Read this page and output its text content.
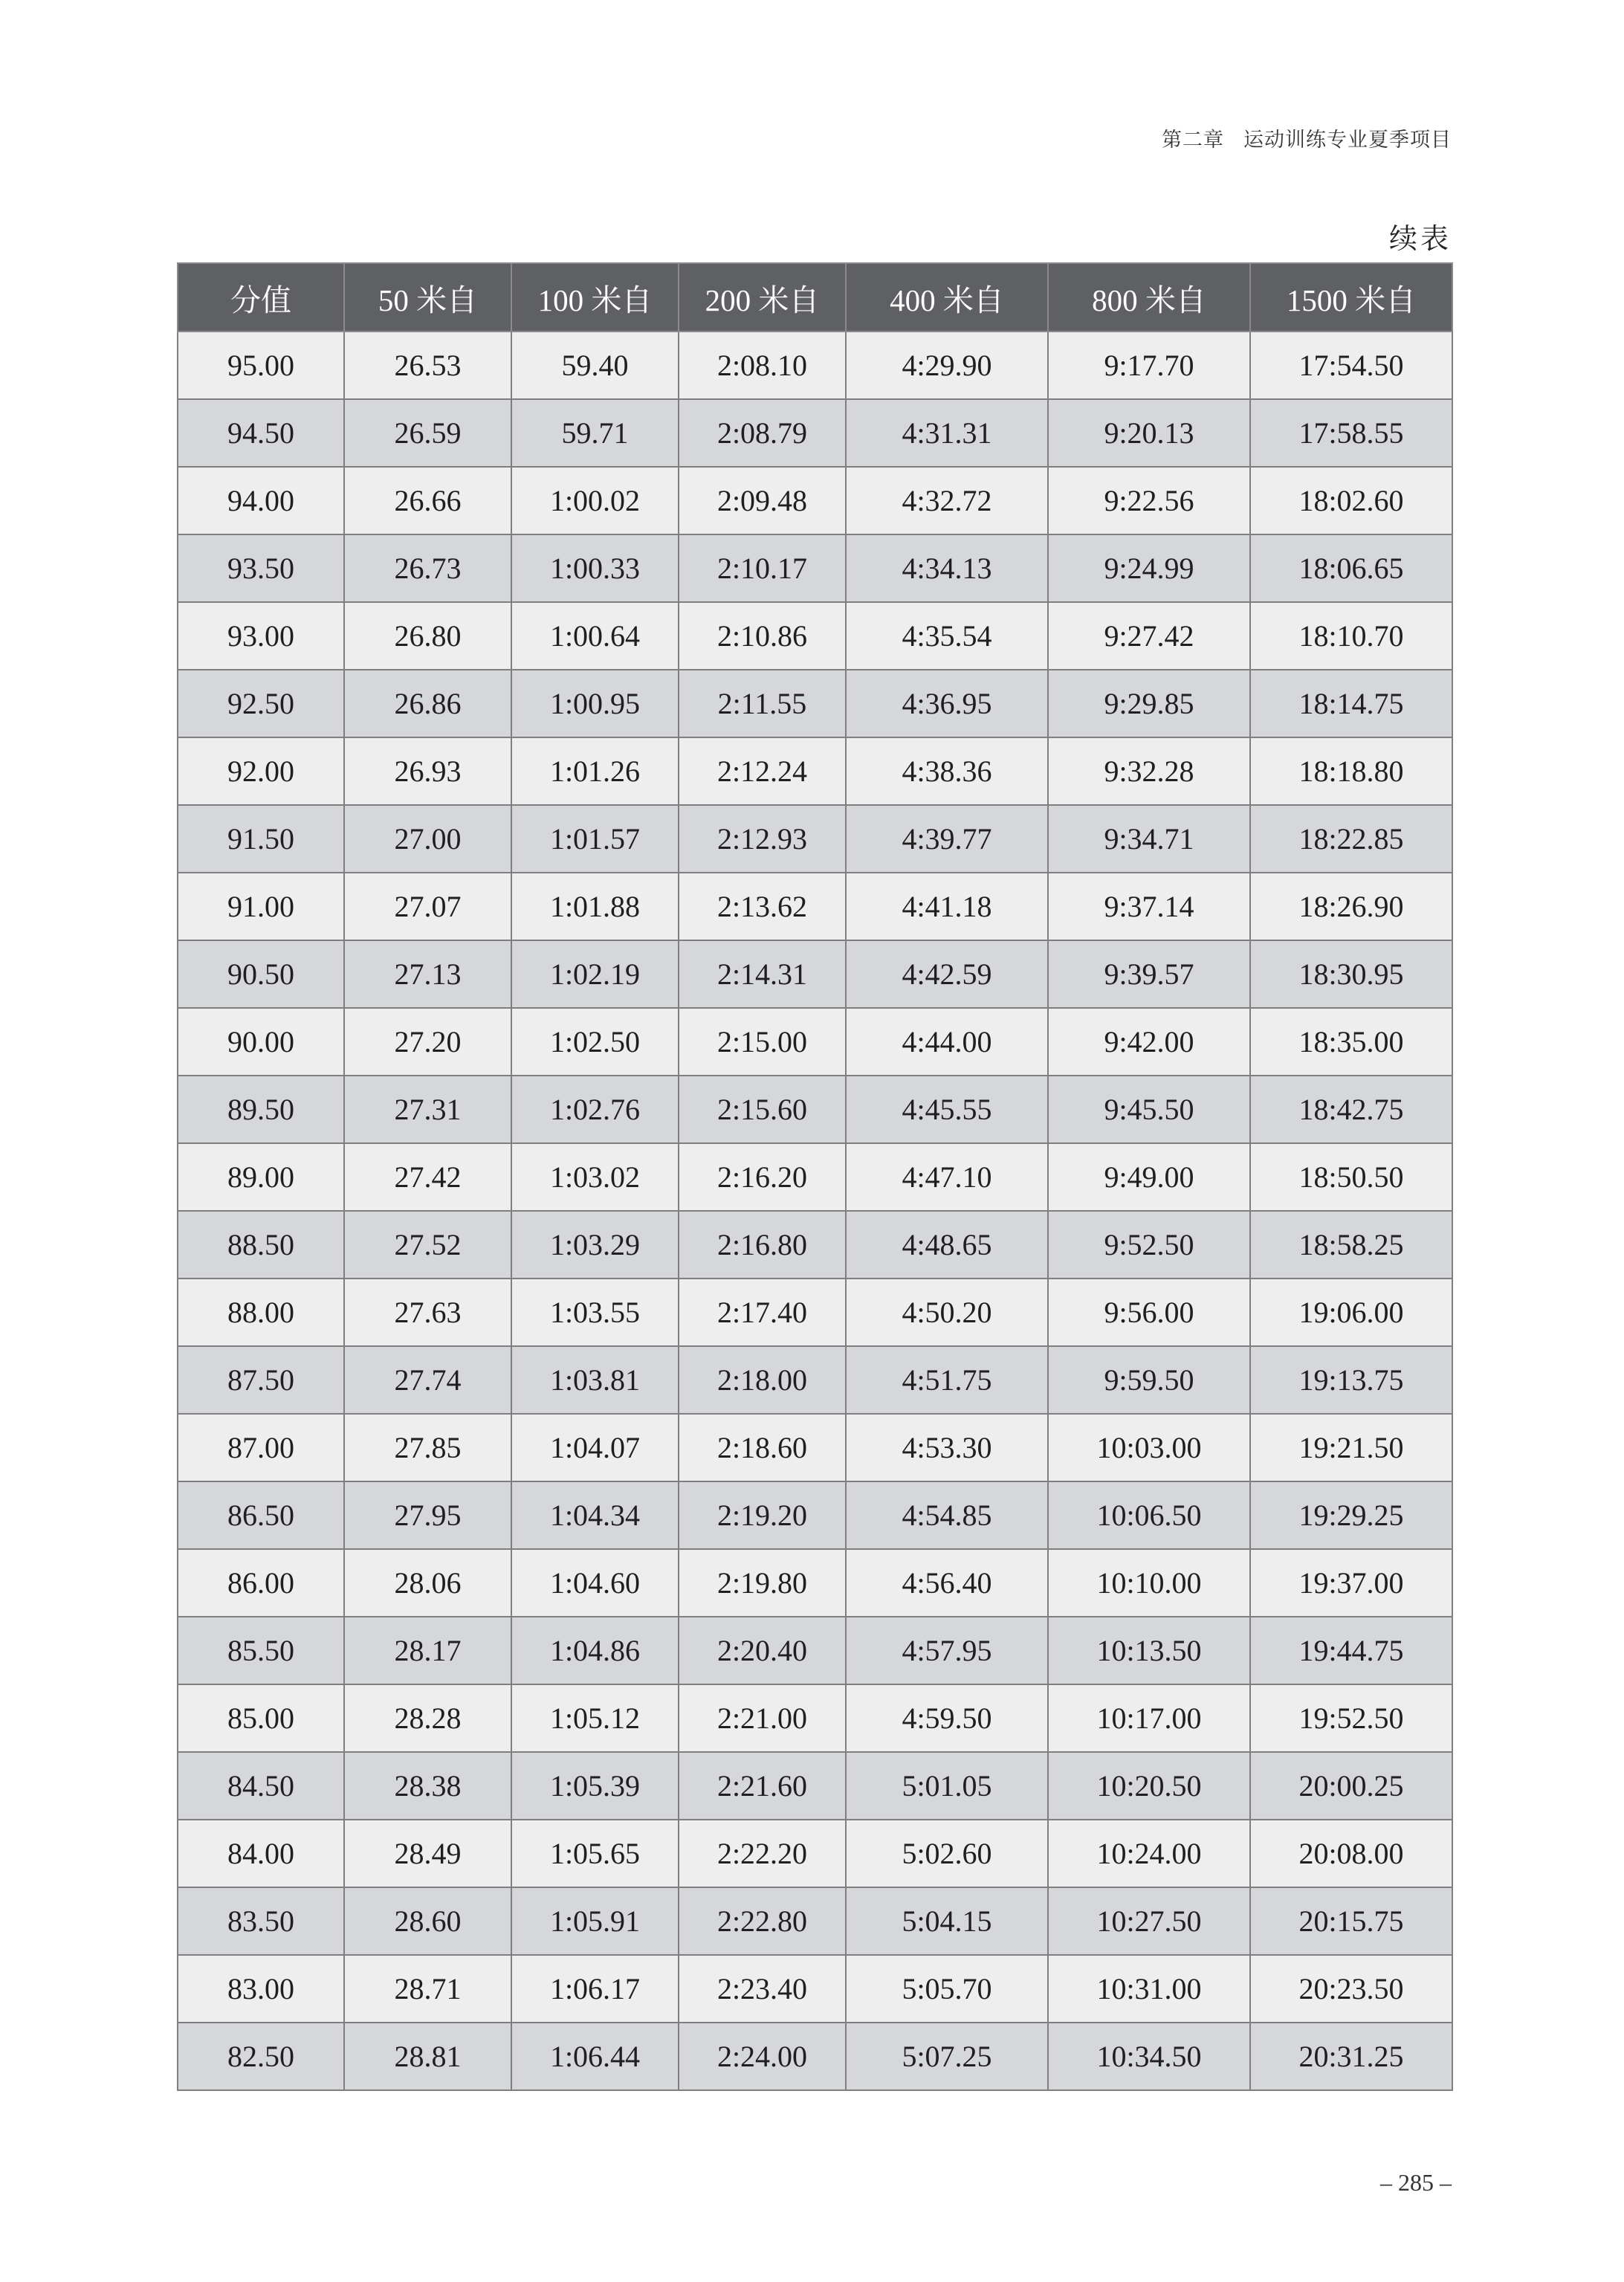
第二章 运动训练专业夏季项目
续表
分值	50 米自	100 米自	200 米自	400 米自	800 米自	1500 米自
95.00	26.53	59.40	2:08.10	4:29.90	9:17.70	17:54.50
94.50	26.59	59.71	2:08.79	4:31.31	9:20.13	17:58.55
94.00	26.66	1:00.02	2:09.48	4:32.72	9:22.56	18:02.60
93.50	26.73	1:00.33	2:10.17	4:34.13	9:24.99	18:06.65
93.00	26.80	1:00.64	2:10.86	4:35.54	9:27.42	18:10.70
92.50	26.86	1:00.95	2:11.55	4:36.95	9:29.85	18:14.75
92.00	26.93	1:01.26	2:12.24	4:38.36	9:32.28	18:18.80
91.50	27.00	1:01.57	2:12.93	4:39.77	9:34.71	18:22.85
91.00	27.07	1:01.88	2:13.62	4:41.18	9:37.14	18:26.90
90.50	27.13	1:02.19	2:14.31	4:42.59	9:39.57	18:30.95
90.00	27.20	1:02.50	2:15.00	4:44.00	9:42.00	18:35.00
89.50	27.31	1:02.76	2:15.60	4:45.55	9:45.50	18:42.75
89.00	27.42	1:03.02	2:16.20	4:47.10	9:49.00	18:50.50
88.50	27.52	1:03.29	2:16.80	4:48.65	9:52.50	18:58.25
88.00	27.63	1:03.55	2:17.40	4:50.20	9:56.00	19:06.00
87.50	27.74	1:03.81	2:18.00	4:51.75	9:59.50	19:13.75
87.00	27.85	1:04.07	2:18.60	4:53.30	10:03.00	19:21.50
86.50	27.95	1:04.34	2:19.20	4:54.85	10:06.50	19:29.25
86.00	28.06	1:04.60	2:19.80	4:56.40	10:10.00	19:37.00
85.50	28.17	1:04.86	2:20.40	4:57.95	10:13.50	19:44.75
85.00	28.28	1:05.12	2:21.00	4:59.50	10:17.00	19:52.50
84.50	28.38	1:05.39	2:21.60	5:01.05	10:20.50	20:00.25
84.00	28.49	1:05.65	2:22.20	5:02.60	10:24.00	20:08.00
83.50	28.60	1:05.91	2:22.80	5:04.15	10:27.50	20:15.75
83.00	28.71	1:06.17	2:23.40	5:05.70	10:31.00	20:23.50
82.50	28.81	1:06.44	2:24.00	5:07.25	10:34.50	20:31.25
– 285 –
